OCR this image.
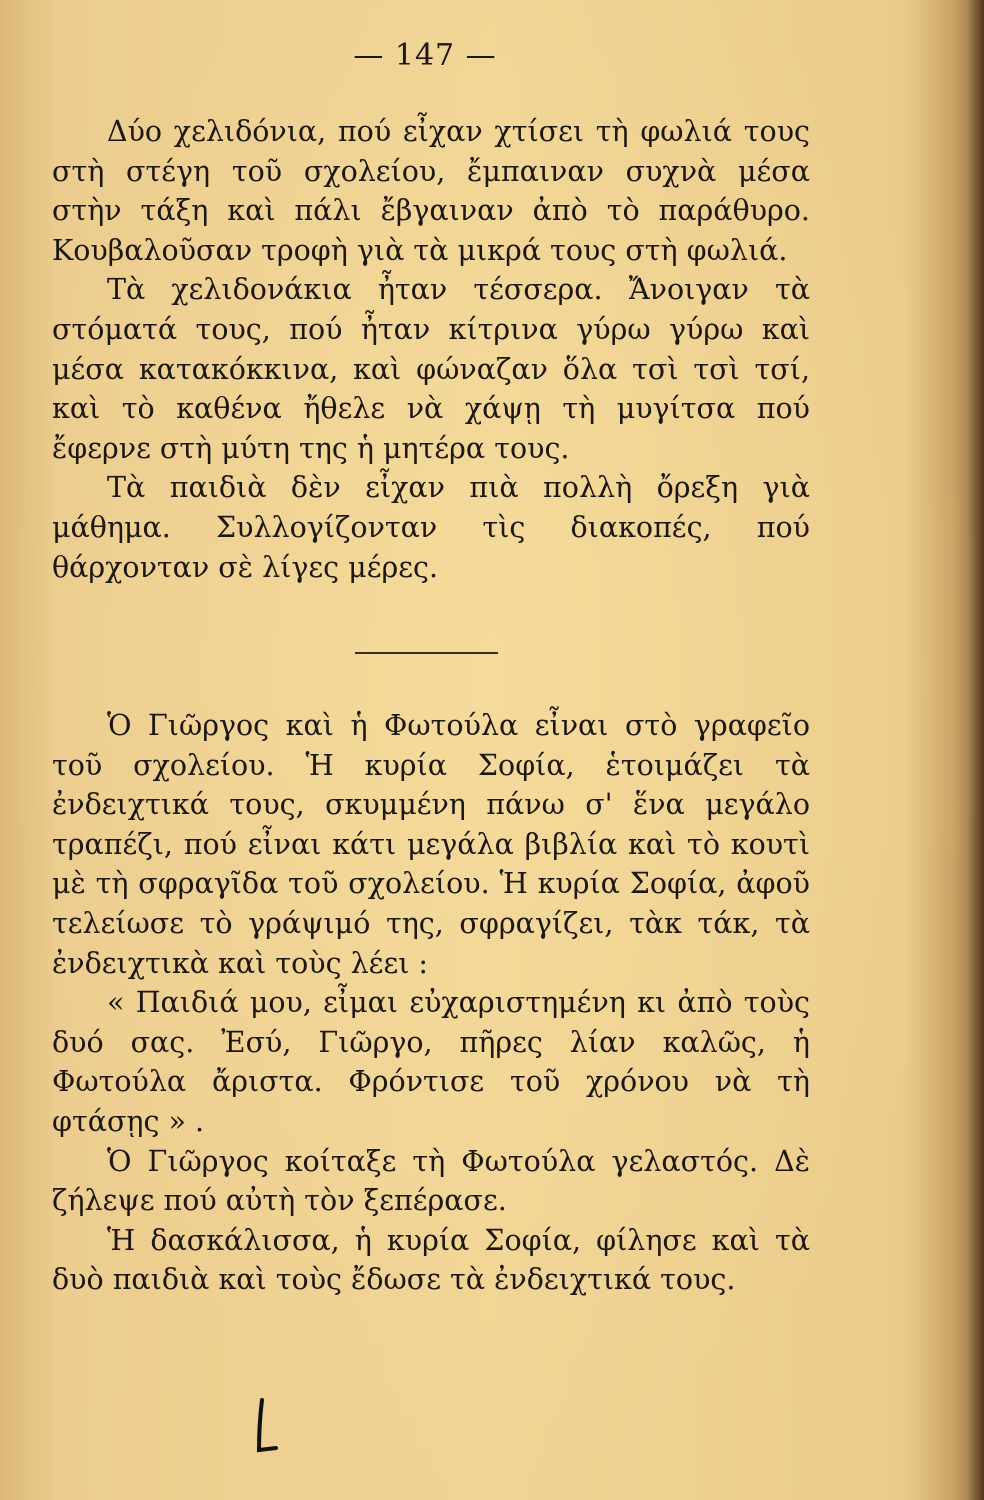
— 147 —

Δύο χελιδόνια, πού εἶχαν χτίσει τὴ φωλιά τους στὴ στέγη τοῦ σχολείου, ἔμπαιναν συχνὰ μέσα στὴν τάξη καὶ πάλι ἔβγαιναν ἀπὸ τὸ παράθυρο. Κουβαλοῦσαν τροφὴ γιὰ τὰ μικρά τους στὴ φωλιά.

Τὰ χελιδονάκια ἦταν τέσσερα. Ἄνοιγαν τὰ στόματά τους, πού ἦταν κίτρινα γύρω γύρω καὶ μέσα κατακόκκινα, καὶ φώναζαν ὅλα τσὶ τσὶ τσί, καὶ τὸ καθένα ἤθελε νὰ χάψῃ τὴ μυγίτσα πού ἔφερνε στὴ μύτη της ἡ μητέρα τους.

Τὰ παιδιὰ δὲν εἶχαν πιὰ πολλὴ ὄρεξη γιὰ μάθημα. Συλλογίζονταν τὶς διακοπές, πού θάρχονταν σὲ λίγες μέρες.

Ὁ Γιῶργος καὶ ἡ Φωτούλα εἶναι στὸ γραφεῖο τοῦ σχολείου. Ἡ κυρία Σοφία, ἑτοιμάζει τὰ ἐνδειχτικά τους, σκυμμένη πάνω σ' ἕνα μεγάλο τραπέζι, πού εἶναι κάτι μεγάλα βιβλία καὶ τὸ κουτὶ μὲ τὴ σφραγῖδα τοῦ σχολείου. Ἡ κυρία Σοφία, ἀφοῦ τελείωσε τὸ γράψιμό της, σφραγίζει, τὰκ τάκ, τὰ ἐνδειχτικὰ καὶ τοὺς λέει :

« Παιδιά μου, εἶμαι εὐχαριστημένη κι ἀπὸ τοὺς δυό σας. Ἐσύ, Γιῶργο, πῆρες λίαν καλῶς, ἡ Φωτούλα ἄριστα. Φρόντισε τοῦ χρόνου νὰ τὴ φτάσῃς » .

Ὁ Γιῶργος κοίταξε τὴ Φωτούλα γελαστός. Δὲ ζήλεψε πού αὐτὴ τὸν ξεπέρασε.

Ἡ δασκάλισσα, ἡ κυρία Σοφία, φίλησε καὶ τὰ δυὸ παιδιὰ καὶ τοὺς ἔδωσε τὰ ἐνδειχτικά τους.
